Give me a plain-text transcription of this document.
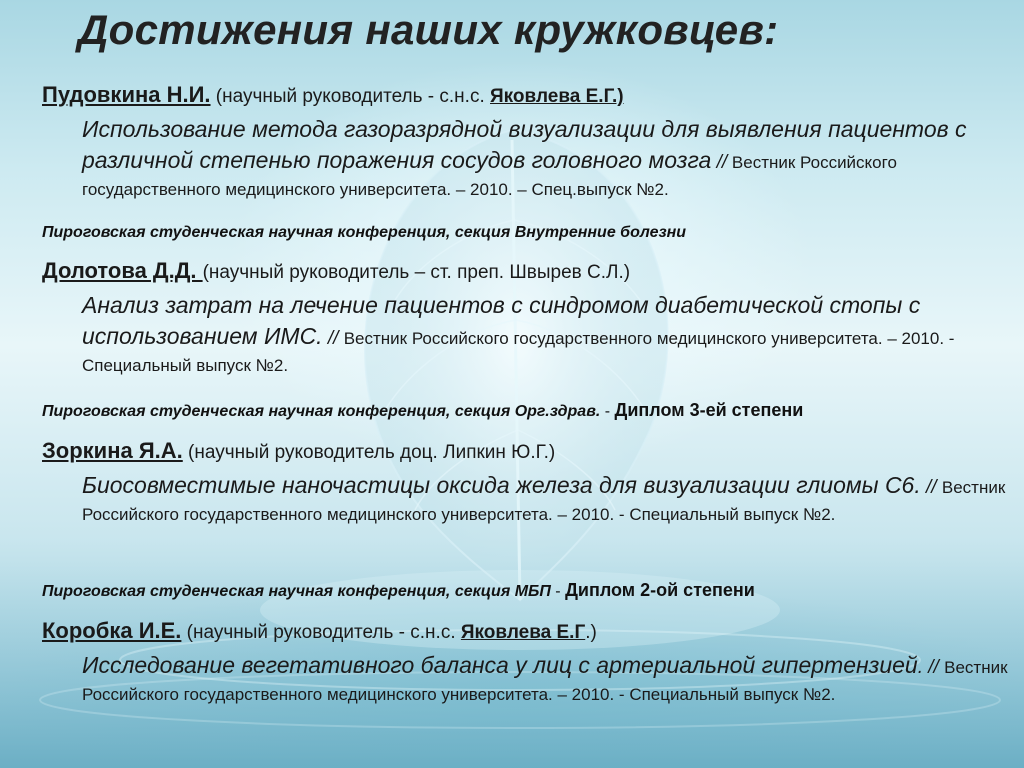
Достижения наших кружковцев:
Пудовкина Н.И. (научный руководитель - с.н.с. Яковлева Е.Г.)
Использование метода газоразрядной визуализации для выявления пациентов с различной степенью поражения сосудов головного мозга // Вестник Российского государственного медицинского университета. – 2010. – Спец.выпуск №2.
Пироговская студенческая научная конференция, секция Внутренние болезни
Долотова Д.Д. (научный руководитель – ст. преп. Швырев С.Л.)
Анализ затрат на лечение пациентов с синдромом диабетической стопы с использованием ИМС. // Вестник Российского государственного медицинского университета. – 2010. - Специальный выпуск №2.
Пироговская студенческая научная конференция, секция Орг.здрав. - Диплом 3-ей степени
Зоркина Я.А. (научный руководитель доц. Липкин Ю.Г.)
Биосовместимые наночастицы оксида железа для визуализации глиомы С6. // Вестник Российского государственного медицинского университета. – 2010. - Специальный выпуск №2.
Пироговская студенческая научная конференция, секция МБП - Диплом 2-ой степени
Коробка И.Е. (научный руководитель - с.н.с. Яковлева Е.Г.)
Исследование вегетативного баланса у лиц с артериальной гипертензией. // Вестник Российского государственного медицинского университета. – 2010. - Специальный выпуск №2.
